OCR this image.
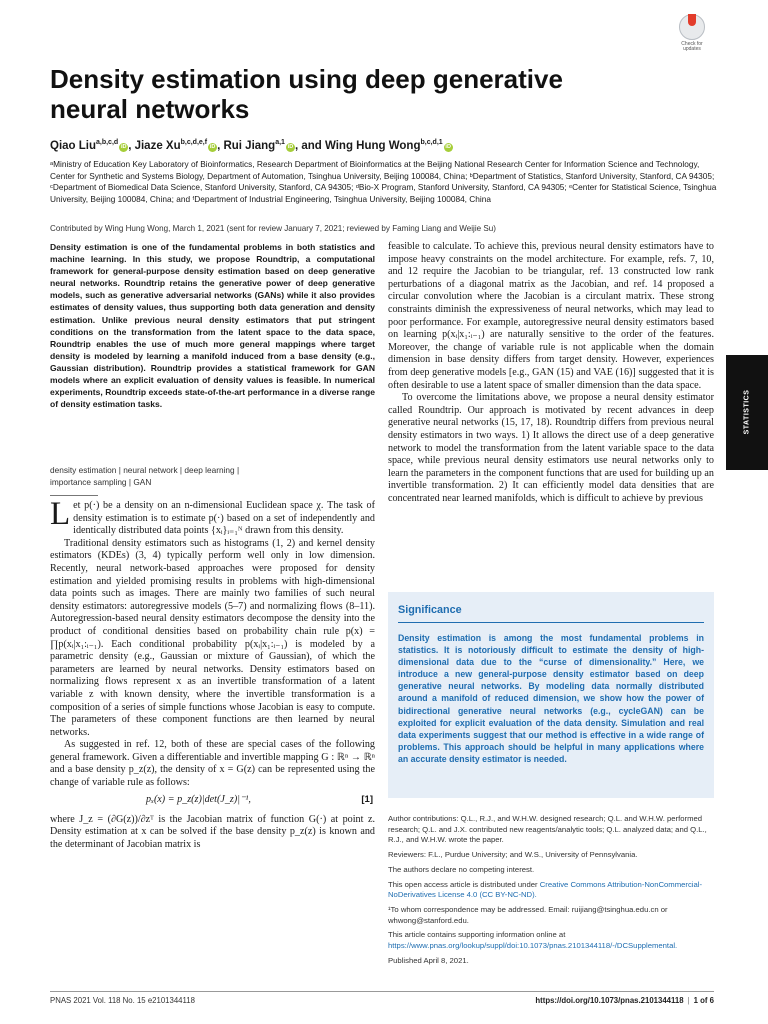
Check for
updates
Density estimation using deep generative
neural networks
Qiao Liu$^{a,b,c,d}$iD , Jiaze Xu$^{b,c,d,e,f}$iD , Rui Jiang$^{a,1}$iD , and Wing Hung Wong$^{b,c,d,1}$iD
ᵃMinistry of Education Key Laboratory of Bioinformatics, Research Department of Bioinformatics at the Beijing National Research Center for Information Science and Technology, Center for Synthetic and Systems Biology, Department of Automation, Tsinghua University, Beijing 100084, China; ᵇDepartment of Statistics, Stanford University, Stanford, CA 94305; ᶜDepartment of Biomedical Data Science, Stanford University, Stanford, CA 94305; ᵈBio-X Program, Stanford University, Stanford, CA 94305; ᵉCenter for Statistical Science, Tsinghua University, Beijing 100084, China; and ᶠDepartment of Industrial Engineering, Tsinghua University, Beijing 100084, China
Contributed by Wing Hung Wong, March 1, 2021 (sent for review January 7, 2021; reviewed by Faming Liang and Weijie Su)
Density estimation is one of the fundamental problems in both statistics and machine learning. In this study, we propose Roundtrip, a computational framework for general-purpose density estimation based on deep generative neural networks. Roundtrip retains the generative power of deep generative models, such as generative adversarial networks (GANs) while it also provides estimates of density values, thus supporting both data generation and density estimation. Unlike previous neural density estimators that put stringent conditions on the transformation from the latent space to the data space, Roundtrip enables the use of much more general mappings where target density is modeled by learning a manifold induced from a base density (e.g., Gaussian distribution). Roundtrip provides a statistical framework for GAN models where an explicit evaluation of density values is feasible. In numerical experiments, Roundtrip exceeds state-of-the-art performance in a diverse range of density estimation tasks.
density estimation | neural network | deep learning |
importance sampling | GAN

Let p(·) be a density on an n-dimensional Euclidean space χ. The task of density estimation is to estimate p(·) based on a set of independently and identically distributed data points {xᵢ}ᵢ₌₁ᴺ drawn from this density.

Traditional density estimators such as histograms (1, 2) and kernel density estimators (KDEs) (3, 4) typically perform well only in low dimension. Recently, neural network-based approaches were proposed for density estimation and yielded promising results in problems with high-dimensional data points such as images. There are mainly two families of such neural density estimators: autoregressive models (5–7) and normalizing flows (8–11). Autoregression-based neural density estimators decompose the density into the product of conditional densities based on probability chain rule p(x) = ∏p(xᵢ|x₁:ᵢ₋₁). Each conditional probability p(xᵢ|x₁:ᵢ₋₁) is modeled by a parametric density (e.g., Gaussian or mixture of Gaussian), of which the parameters are learned by neural networks. Density estimators based on normalizing flows represent x as an invertible transformation of a latent variable z with known density, where the invertible transformation is a composition of a series of simple functions whose Jacobian is easy to compute. The parameters of these component functions are then learned by neural networks.

As suggested in ref. 12, both of these are special cases of the following general framework. Given a differentiable and invertible mapping G : ℝⁿ → ℝⁿ and a base density p_z(z), the density of x = G(z) can be represented using the change of variable rule as follows:

pₓ(x) = p_z(z)|det(J_z)|⁻¹,	[1]

where J_z = (∂G(z))/∂zᵀ is the Jacobian matrix of function G(·) at point z. Density estimation at x can be solved if the base density p_z(z) is known and the determinant of Jacobian matrix is

feasible to calculate. To achieve this, previous neural density estimators have to impose heavy constraints on the model architecture. For example, refs. 7, 10, and 12 require the Jacobian to be triangular, ref. 13 constructed low rank perturbations of a diagonal matrix as the Jacobian, and ref. 14 proposed a circular convolution where the Jacobian is a circulant matrix. These strong constraints diminish the expressiveness of neural networks, which may lead to poor performance. For example, autoregressive neural density estimators based on learning p(xᵢ|x₁:ᵢ₋₁) are naturally sensitive to the order of the features. Moreover, the change of variable rule is not applicable when the domain dimension in base density differs from target density. However, experiences from deep generative models [e.g., GAN (15) and VAE (16)] suggested that it is often desirable to use a latent space of smaller dimension than the data space.

To overcome the limitations above, we propose a neural density estimator called Roundtrip. Our approach is motivated by recent advances in deep generative neural networks (15, 17, 18). Roundtrip differs from previous neural density estimators in two ways. 1) It allows the direct use of a deep generative network to model the transformation from the latent variable space to the data space, while previous neural density estimators use neural networks only to learn the parameters in the component functions that are used for building up an invertible transformation. 2) It can efficiently model data densities that are concentrated near learned manifolds, which is difficult to achieve by previous

Significance
Density estimation is among the most fundamental problems in statistics. It is notoriously difficult to estimate the density of high-dimensional data due to the “curse of dimensionality.” Here, we introduce a new general-purpose density estimator based on deep generative neural networks. By modeling data normally distributed around a manifold of reduced dimension, we show how the power of bidirectional generative neural networks (e.g., cycleGAN) can be exploited for explicit evaluation of the data density. Simulation and real data experiments suggest that our method is effective in a wide range of problems. This approach should be helpful in many applications where an accurate density estimator is needed.

Author contributions: Q.L., R.J., and W.H.W. designed research; Q.L. and W.H.W. performed research; Q.L. and J.X. contributed new reagents/analytic tools; Q.L. analyzed data; and Q.L., R.J., and W.H.W. wrote the paper.

Reviewers: F.L., Purdue University; and W.S., University of Pennsylvania.

The authors declare no competing interest.

This open access article is distributed under Creative Commons Attribution-NonCommercial-NoDerivatives License 4.0 (CC BY-NC-ND).

¹To whom correspondence may be addressed. Email: ruijiang@tsinghua.edu.cn or whwong@stanford.edu.

This article contains supporting information online at https://www.pnas.org/lookup/suppl/doi:10.1073/pnas.2101344118/-/DCSupplemental.

Published April 8, 2021.

STATISTICS
PNAS 2021 Vol. 118 No. 15 e2101344118	https://doi.org/10.1073/pnas.2101344118 | 1 of 6
